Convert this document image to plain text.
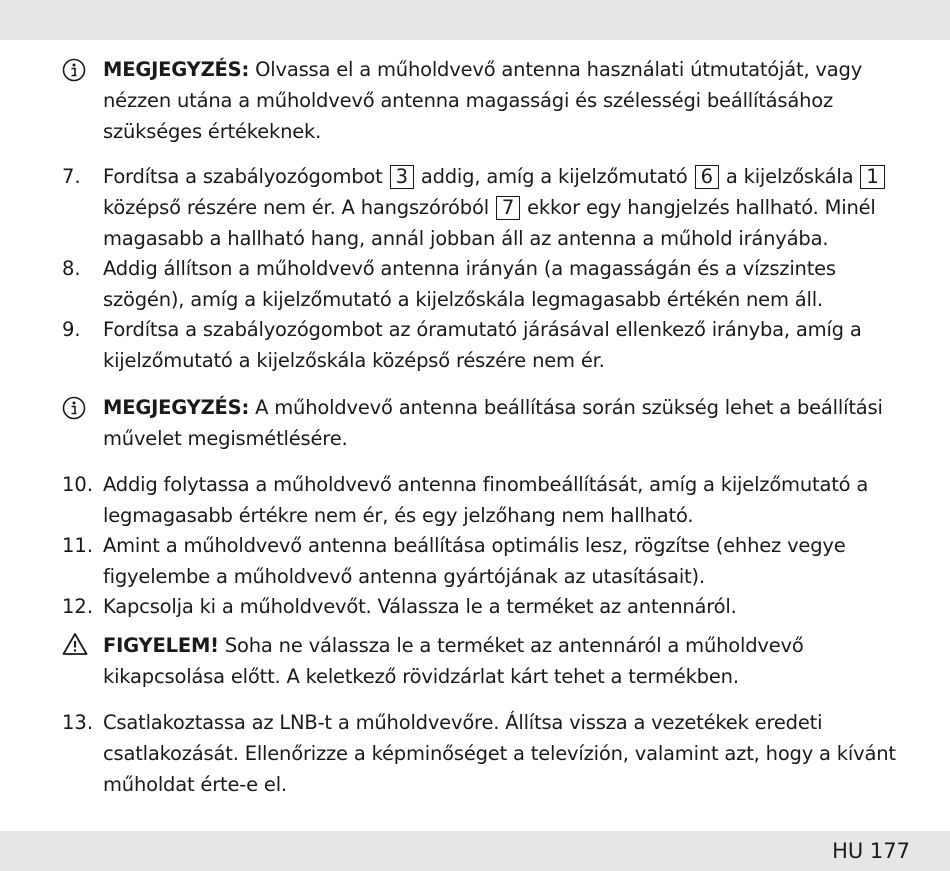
MEGJEGYZÉS: Olvassa el a műholdvevő antenna használati útmutatóját, vagy
nézzen utána a műholdvevő antenna magassági és szélességi beállításához
szükséges értékeknek.
7. Fordítsa a szabályozógombot 3 addig, amíg a kijelzőmutató 6 a kijelzőskála 1
középső részére nem ér. A hangszóróból 7 ekkor egy hangjelzés hallható. Minél
magasabb a hallható hang, annál jobban áll az antenna a műhold irányába.
8. Addig állítson a műholdvevő antenna irányán (a magasságán és a vízszintes
szögén), amíg a kijelzőmutató a kijelzőskála legmagasabb értékén nem áll.
9. Fordítsa a szabályozógombot az óramutató járásával ellenkező irányba, amíg a
kijelzőmutató a kijelzőskála középső részére nem ér.
MEGJEGYZÉS: A műholdvevő antenna beállítása során szükség lehet a beállítási
művelet megismétlésére.
10. Addig folytassa a műholdvevő antenna finombeállítását, amíg a kijelzőmutató a
legmagasabb értékre nem ér, és egy jelzőhang nem hallható.
11. Amint a műholdvevő antenna beállítása optimális lesz, rögzítse (ehhez vegye
figyelembe a műholdvevő antenna gyártójának az utasításait).
12. Kapcsolja ki a műholdvevőt. Válassza le a terméket az antennáról.
FIGYELEM! Soha ne válassza le a terméket az antennáról a műholdvevő
kikapcsolása előtt. A keletkező rövidzárlat kárt tehet a termékben.
13. Csatlakoztassa az LNB-t a műholdvevőre. Állítsa vissza a vezetékek eredeti
csatlakozását. Ellenőrizze a képminőséget a televízión, valamint azt, hogy a kívánt
műholdat érte-e el.
HU 177
